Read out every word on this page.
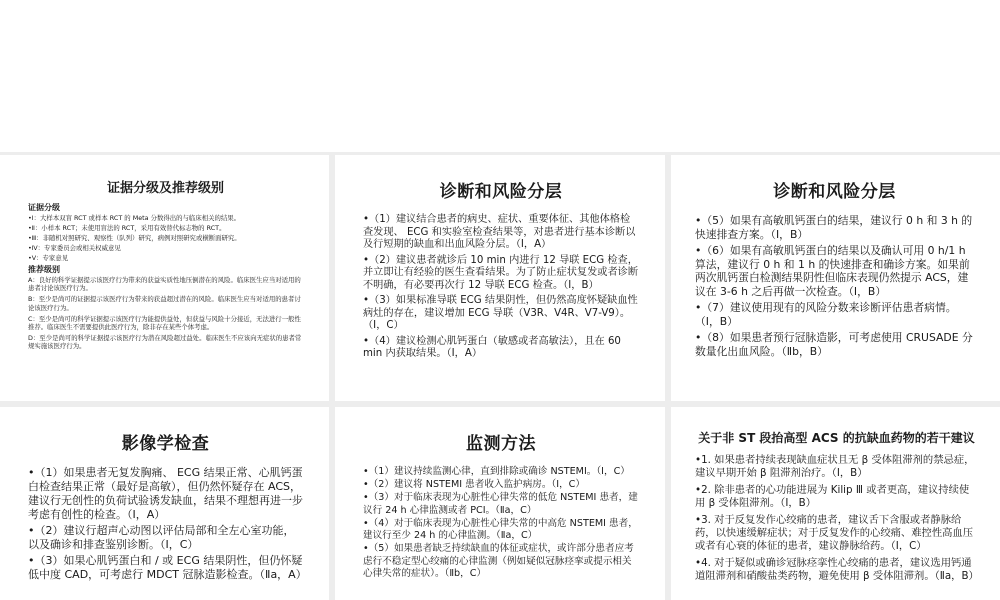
证据分级及推荐级别
证据分级
•Ⅰ：大样本双盲 RCT 或样本 RCT 的 Meta 分数得出的与临床相关的结果。
•Ⅱ：小样本 RCT；未使用盲法的 RCT，采用有效替代标志物的 RCT。
•Ⅲ：非随机对照研究、观察性（队列）研究，病例对照研究或横断面研究。
•Ⅳ：专家委员会或相关权威意见
•Ⅴ：专家意见
推荐级别
A：良好的科学证据提示该医疗行为带来的获益实质性地压倒潜在的风险。临床医生应当对适用的患者讨论该医疗行为。
B：至少是尚可的证据提示该医疗行为带来的获益超过潜在的风险。临床医生应当对适用的患者讨论该医疗行为。
C：至少是尚可的科学证据提示该医疗行为能提供益处，但获益与风险十分接近，无法进行一般性推荐。临床医生不需要提供此医疗行为，除非存在某些个体考虑。
D：至少是尚可的科学证据提示该医疗行为潜在风险超过益处。临床医生不应该向无症状的患者常规实施该医疗行为。
诊断和风险分层
•（1）建议结合患者的病史、症状、重要体征、其他体格检查发现、 ECG 和实验室检查结果等，对患者进行基本诊断以及行短期的缺血和出血风险分层。（Ⅰ，A）
•（2）建议患者就诊后 10 min 内进行 12 导联 ECG 检查，并立即让有经验的医生查看结果。为了防止症状复发或者诊断不明确，有必要再次行 12 导联 ECG 检查。（Ⅰ，B）
•（3）如果标准导联 ECG 结果阴性，但仍然高度怀疑缺血性病灶的存在，建议增加 ECG 导联（V3R、V4R、V7-V9）。（Ⅰ，C）
•（4）建议检测心肌钙蛋白（敏感或者高敏法），且在 60 min 内获取结果。（Ⅰ，A）
诊断和风险分层
•（5）如果有高敏肌钙蛋白的结果，建议行 0 h 和 3 h 的快速排查方案。（Ⅰ，B）
•（6）如果有高敏肌钙蛋白的结果以及确认可用 0 h/1 h 算法，建议行 0 h 和 1 h 的快速排查和确诊方案。如果前两次肌钙蛋白检测结果阴性但临床表现仍然提示 ACS，建议在 3-6 h 之后再做一次检查。（Ⅰ，B）
•（7）建议使用现有的风险分数来诊断评估患者病情。（Ⅰ，B）
•（8）如果患者预行冠脉造影，可考虑使用 CRUSADE 分数量化出血风险。（Ⅱb，B）
影像学检查
•（1）如果患者无复发胸痛、 ECG 结果正常、心肌钙蛋白检查结果正常（最好是高敏），但仍然怀疑存在 ACS，建议行无创性的负荷试验诱发缺血，结果不理想再进一步考虑有创性的检查。（Ⅰ，A）
•（2）建议行超声心动图以评估局部和全左心室功能，以及确诊和排查鉴别诊断。（Ⅰ，C）
•（3）如果心肌钙蛋白和 / 或 ECG 结果阴性，但仍怀疑低中度 CAD，可考虑行 MDCT 冠脉造影检查。（Ⅱa，A）
监测方法
•（1）建议持续监测心律，直到排除或确诊 NSTEMI。（Ⅰ，C）
•（2）建议将 NSTEMI 患者收入监护病房。（Ⅰ，C）
•（3）对于临床表现为心脏性心律失常的低危 NSTEMI 患者，建议行 24 h 心律监测或者 PCI。（Ⅱa，C）
•（4）对于临床表现为心脏性心律失常的中高危 NSTEMI 患者，建议行至少 24 h 的心律监测。（Ⅱa，C）
•（5）如果患者缺乏持续缺血的体征或症状，或许部分患者应考虑行不稳定型心绞痛的心律监测（例如疑似冠脉痉挛或提示相关心律失常的症状）。（Ⅱb，C）
关于非 ST 段抬高型 ACS 的抗缺血药物的若干建议
•1. 如果患者持续表现缺血症状且无 β 受体阻滞剂的禁忌症，建议早期开始 β 阻滞剂治疗。（Ⅰ，B）
•2. 除非患者的心功能进展为 Kilip Ⅲ 或者更高，建议持续使用 β 受体阻滞剂。（Ⅰ，B）
•3. 对于反复发作心绞痛的患者，建议舌下含服或者静脉给药，以快速缓解症状；对于反复发作的心绞痛、难控性高血压或者有心衰的体征的患者，建议静脉给药。（Ⅰ，C）
•4. 对于疑似或确诊冠脉痉挛性心绞痛的患者，建议选用钙通道阻滞剂和硝酸盐类药物，避免使用 β 受体阻滞剂。（Ⅱa，B）
